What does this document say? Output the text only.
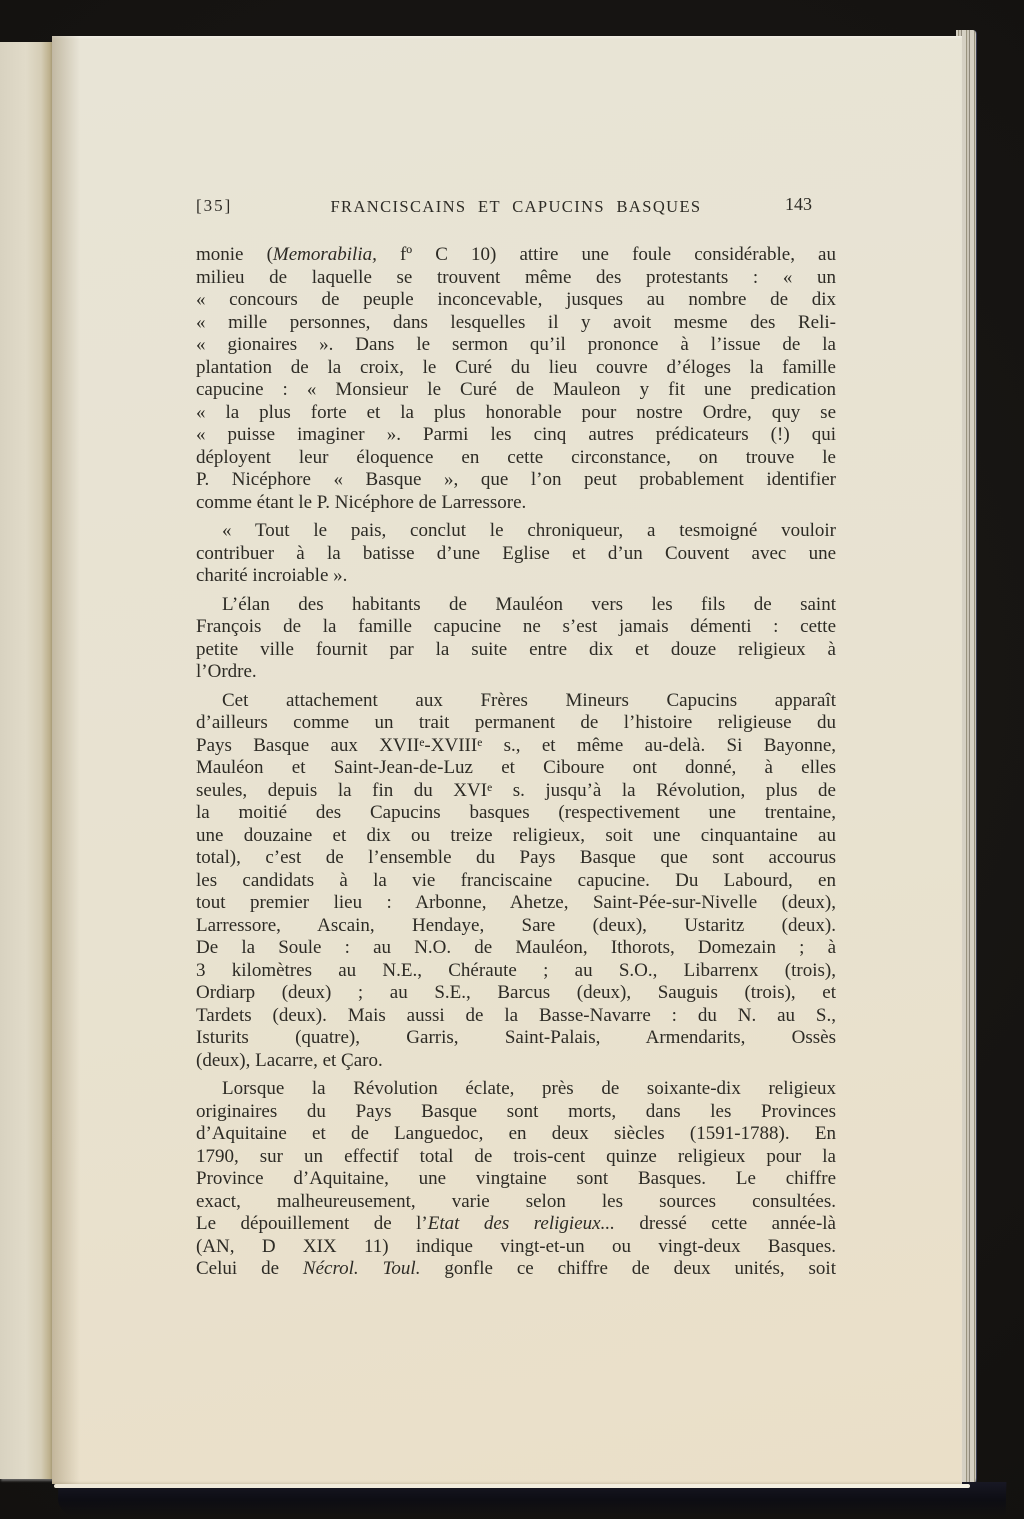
[35]	FRANCISCAINS ET CAPUCINS BASQUES	143
monie (Memorabilia, fº C 10) attire une foule considérable, au
milieu de laquelle se trouvent même des protestants : « un
« concours de peuple inconcevable, jusques au nombre de dix
« mille personnes, dans lesquelles il y avoit mesme des Reli-
« gionaires ». Dans le sermon qu’il prononce à l’issue de la
plantation de la croix, le Curé du lieu couvre d’éloges la famille
capucine : « Monsieur le Curé de Mauleon y fit une predication
« la plus forte et la plus honorable pour nostre Ordre, quy se
« puisse imaginer ». Parmi les cinq autres prédicateurs (!) qui
déployent leur éloquence en cette circonstance, on trouve le
P. Nicéphore « Basque », que l’on peut probablement identifier
comme étant le P. Nicéphore de Larressore.
« Tout le pais, conclut le chroniqueur, a tesmoigné vouloir
contribuer à la batisse d’une Eglise et d’un Couvent avec une
charité incroiable ».
L’élan des habitants de Mauléon vers les fils de saint
François de la famille capucine ne s’est jamais démenti : cette
petite ville fournit par la suite entre dix et douze religieux à
l’Ordre.
Cet attachement aux Frères Mineurs Capucins apparaît
d’ailleurs comme un trait permanent de l’histoire religieuse du
Pays Basque aux XVIIe-XVIIIe s., et même au-delà. Si Bayonne,
Mauléon et Saint-Jean-de-Luz et Ciboure ont donné, à elles
seules, depuis la fin du XVIe s. jusqu’à la Révolution, plus de
la moitié des Capucins basques (respectivement une trentaine,
une douzaine et dix ou treize religieux, soit une cinquantaine au
total), c’est de l’ensemble du Pays Basque que sont accourus
les candidats à la vie franciscaine capucine. Du Labourd, en
tout premier lieu : Arbonne, Ahetze, Saint-Pée-sur-Nivelle (deux),
Larressore, Ascain, Hendaye, Sare (deux), Ustaritz (deux).
De la Soule : au N.O. de Mauléon, Ithorots, Domezain ; à
3 kilomètres au N.E., Chéraute ; au S.O., Libarrenx (trois),
Ordiarp (deux) ; au S.E., Barcus (deux), Sauguis (trois), et
Tardets (deux). Mais aussi de la Basse-Navarre : du N. au S.,
Isturits (quatre), Garris, Saint-Palais, Armendarits, Ossès
(deux), Lacarre, et Çaro.
Lorsque la Révolution éclate, près de soixante-dix religieux
originaires du Pays Basque sont morts, dans les Provinces
d’Aquitaine et de Languedoc, en deux siècles (1591-1788). En
1790, sur un effectif total de trois-cent quinze religieux pour la
Province d’Aquitaine, une vingtaine sont Basques. Le chiffre
exact, malheureusement, varie selon les sources consultées.
Le dépouillement de l’Etat des religieux... dressé cette année-là
(AN, D XIX 11) indique vingt-et-un ou vingt-deux Basques.
Celui de Nécrol. Toul. gonfle ce chiffre de deux unités, soit
